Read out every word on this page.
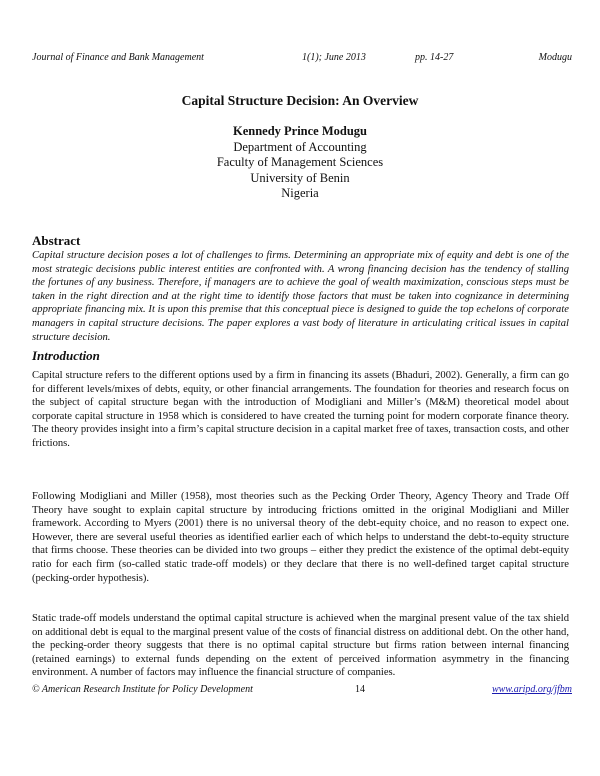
Journal of Finance and Bank Management	1(1); June 2013	pp. 14-27	Modugu
Capital Structure Decision: An Overview
Kennedy Prince Modugu
Department of Accounting
Faculty of Management Sciences
University of Benin
Nigeria
Abstract
Capital structure decision poses a lot of challenges to firms. Determining an appropriate mix of equity and debt is one of the most strategic decisions public interest entities are confronted with. A wrong financing decision has the tendency of stalling the fortunes of any business. Therefore, if managers are to achieve the goal of wealth maximization, conscious steps must be taken in the right direction and at the right time to identify those factors that must be taken into cognizance in determining appropriate financing mix. It is upon this premise that this conceptual piece is designed to guide the top echelons of corporate managers in capital structure decisions. The paper explores a vast body of literature in articulating critical issues in capital structure decision.
Introduction

Capital structure refers to the different options used by a firm in financing its assets (Bhaduri, 2002). Generally, a firm can go for different levels/mixes of debts, equity, or other financial arrangements. The foundation for theories and research focus on the subject of capital structure began with the introduction of Modigliani and Miller’s (M&M) theoretical model about corporate capital structure in 1958 which is considered to have created the turning point for modern corporate finance theory. The theory provides insight into a firm’s capital structure decision in a capital market free of taxes, transaction costs, and other frictions.

Following Modigliani and Miller (1958), most theories such as the Pecking Order Theory, Agency Theory and Trade Off Theory have sought to explain capital structure by introducing frictions omitted in the original Modigliani and Miller framework. According to Myers (2001) there is no universal theory of the debt-equity choice, and no reason to expect one. However, there are several useful theories as identified earlier each of which helps to understand the debt-to-equity structure that firms choose. These theories can be divided into two groups – either they predict the existence of the optimal debt-equity ratio for each firm (so-called static trade-off models) or they declare that there is no well-defined target capital structure (pecking-order hypothesis).

Static trade-off models understand the optimal capital structure is achieved when the marginal present value of the tax shield on additional debt is equal to the marginal present value of the costs of financial distress on additional debt. On the other hand, the pecking-order theory suggests that there is no optimal capital structure but firms ration between internal financing (retained earnings) to external funds depending on the extent of perceived information asymmetry in the financing environment. A number of factors may influence the financial structure of companies.

© American Research Institute for Policy Development	14	www.aripd.org/jfbm
